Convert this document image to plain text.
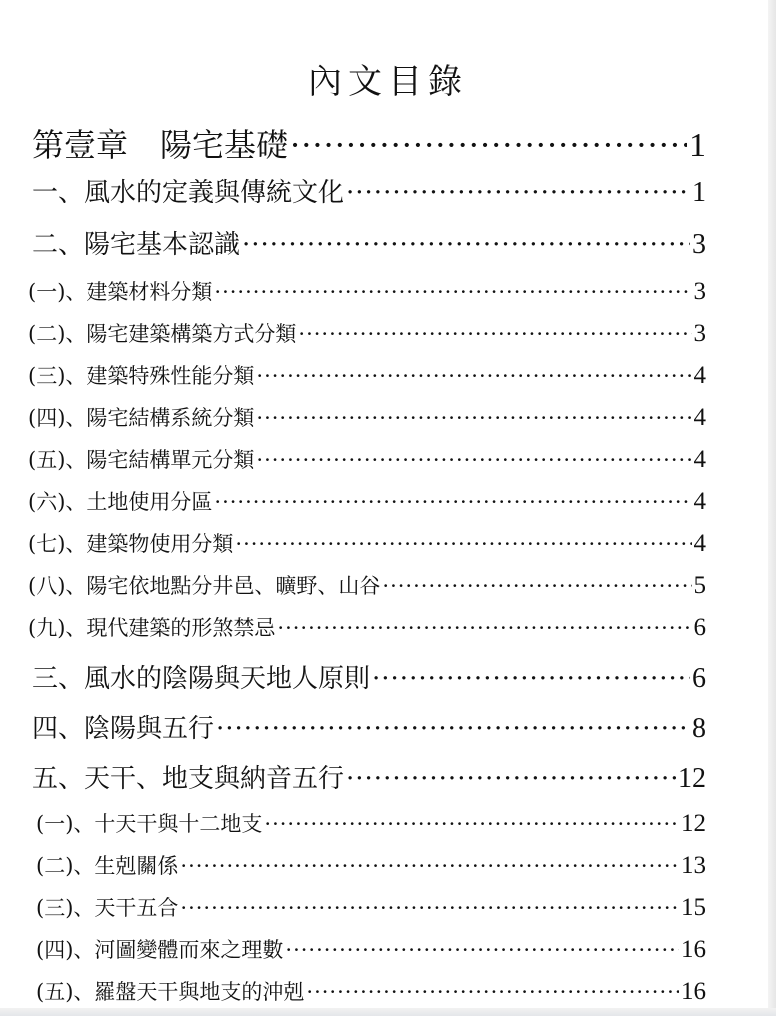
內文目錄
第壹章　陽宅基礎 ·····	1
一、風水的定義與傳統文化 ·····	1
二、陽宅基本認識 ·····	3
(一)、建築材料分類 ·····	3
(二)、陽宅建築構築方式分類 ·····	3
(三)、建築特殊性能分類 ·····	4
(四)、陽宅結構系統分類 ·····	4
(五)、陽宅結構單元分類 ·····	4
(六)、土地使用分區 ·····	4
(七)、建築物使用分類 ·····	4
(八)、陽宅依地點分井邑、曠野、山谷 ·····	5
(九)、現代建築的形煞禁忌 ·····	6
三、風水的陰陽與天地人原則 ·····	6
四、陰陽與五行 ·····	8
五、天干、地支與納音五行 ·····	12
(一)、十天干與十二地支 ·····	12
(二)、生剋關係 ·····	13
(三)、天干五合 ·····	15
(四)、河圖變體而來之理數 ·····	16
(五)、羅盤天干與地支的沖剋 ·····	16
